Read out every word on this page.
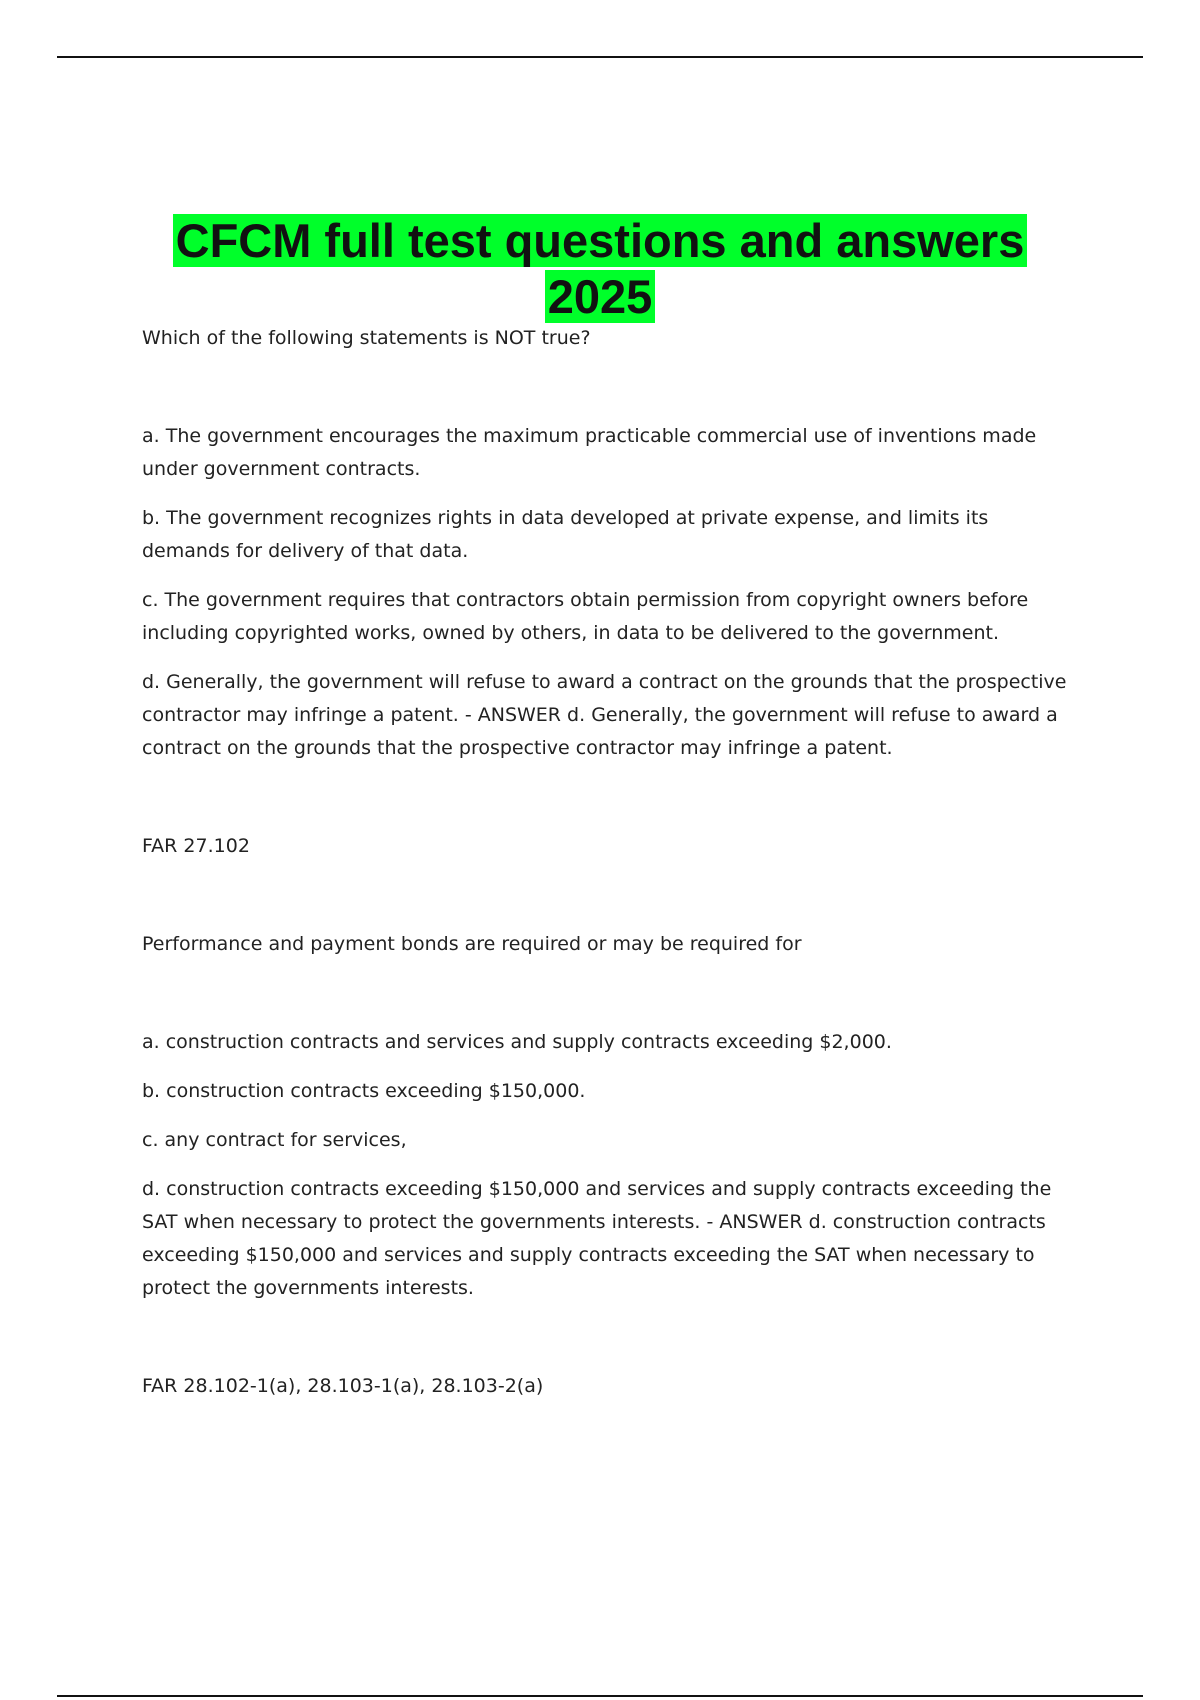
CFCM full test questions and answers
2025

Which of the following statements is NOT true?

a. The government encourages the maximum practicable commercial use of inventions made under government contracts.

b. The government recognizes rights in data developed at private expense, and limits its demands for delivery of that data.

c. The government requires that contractors obtain permission from copyright owners before including copyrighted works, owned by others, in data to be delivered to the government.

d. Generally, the government will refuse to award a contract on the grounds that the prospective contractor may infringe a patent. - ANSWER d. Generally, the government will refuse to award a contract on the grounds that the prospective contractor may infringe a patent.

FAR 27.102

Performance and payment bonds are required or may be required for

a. construction contracts and services and supply contracts exceeding $2,000.

b. construction contracts exceeding $150,000.

c. any contract for services,

d. construction contracts exceeding $150,000 and services and supply contracts exceeding the SAT when necessary to protect the governments interests. - ANSWER d. construction contracts exceeding $150,000 and services and supply contracts exceeding the SAT when necessary to protect the governments interests.

FAR 28.102-1(a), 28.103-1(a), 28.103-2(a)
